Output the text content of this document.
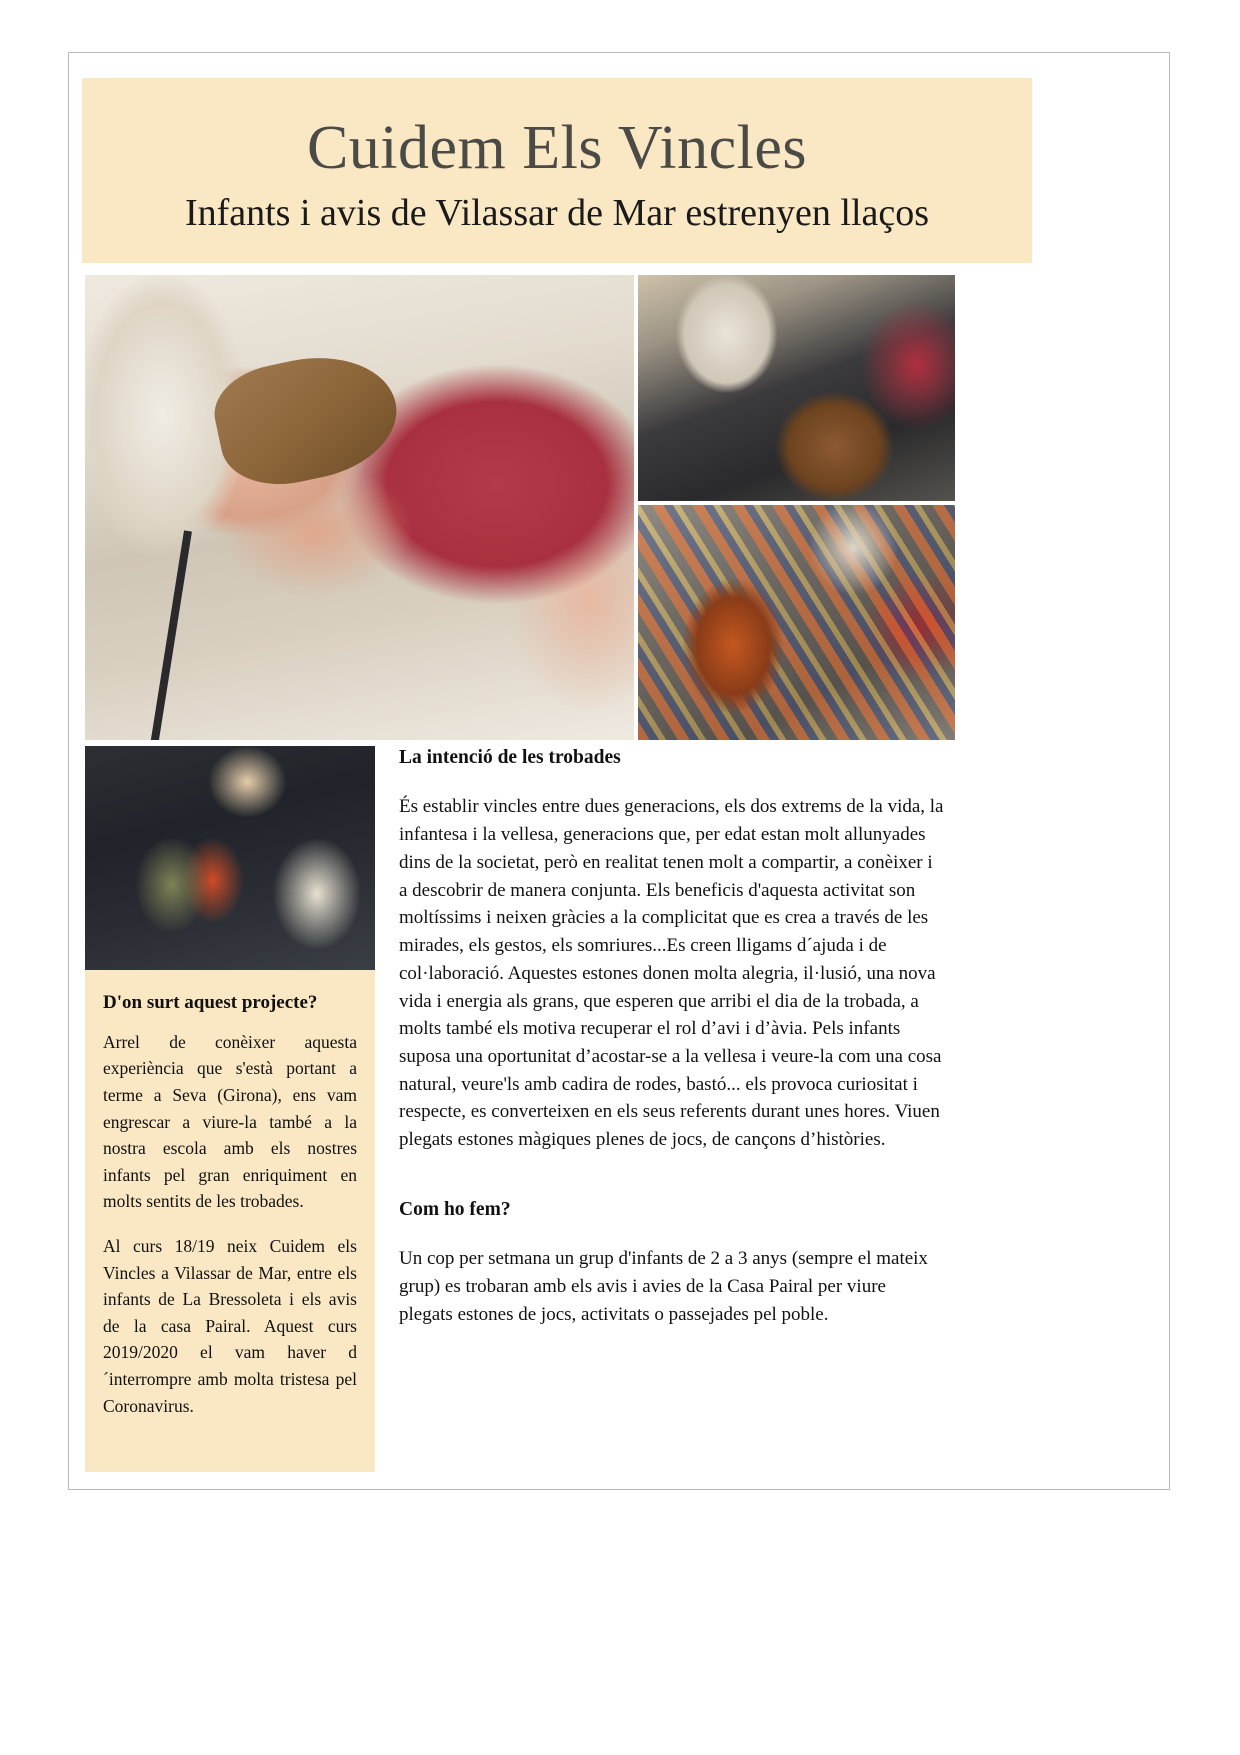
Cuidem Els Vincles
Infants i avis de Vilassar de Mar estrenyen llaços
D'on surt aquest projecte?

Arrel de conèixer aquesta experiència que s'està portant a terme a Seva (Girona), ens vam engrescar a viure-la també a la nostra escola amb els nostres infants pel gran enriquiment en molts sentits de les trobades.

Al curs 18/19 neix Cuidem els Vincles a Vilassar de Mar, entre els infants de La Bressoleta i els avis de la casa Pairal. Aquest curs 2019/2020 el vam haver d´interrompre amb molta tristesa pel Coronavirus.

La intenció de les trobades

És establir vincles entre dues generacions, els dos extrems de la vida, la infantesa i la vellesa, generacions que, per edat estan molt allunyades dins de la societat, però en realitat tenen molt a compartir, a conèixer i a descobrir de manera conjunta. Els beneficis d'aquesta activitat son moltíssims i neixen gràcies a la complicitat que es crea a través de les mirades, els gestos, els somriures...Es creen lligams d´ajuda i de col·laboració. Aquestes estones donen molta alegria, il·lusió, una nova vida i energia als grans, que esperen que arribi el dia de la trobada, a molts també els motiva recuperar el rol d’avi i d’àvia. Pels infants suposa una oportunitat d’acostar-se a la vellesa i veure-la com una cosa natural, veure'ls amb cadira de rodes, bastó... els provoca curiositat i respecte, es converteixen en els seus referents durant unes hores. Viuen plegats estones màgiques plenes de jocs, de cançons d’històries.

Com ho fem?

Un cop per setmana un grup d'infants de 2 a 3 anys (sempre el mateix grup) es trobaran amb els avis i avies de la Casa Pairal per viure plegats estones de jocs, activitats o passejades pel poble.
